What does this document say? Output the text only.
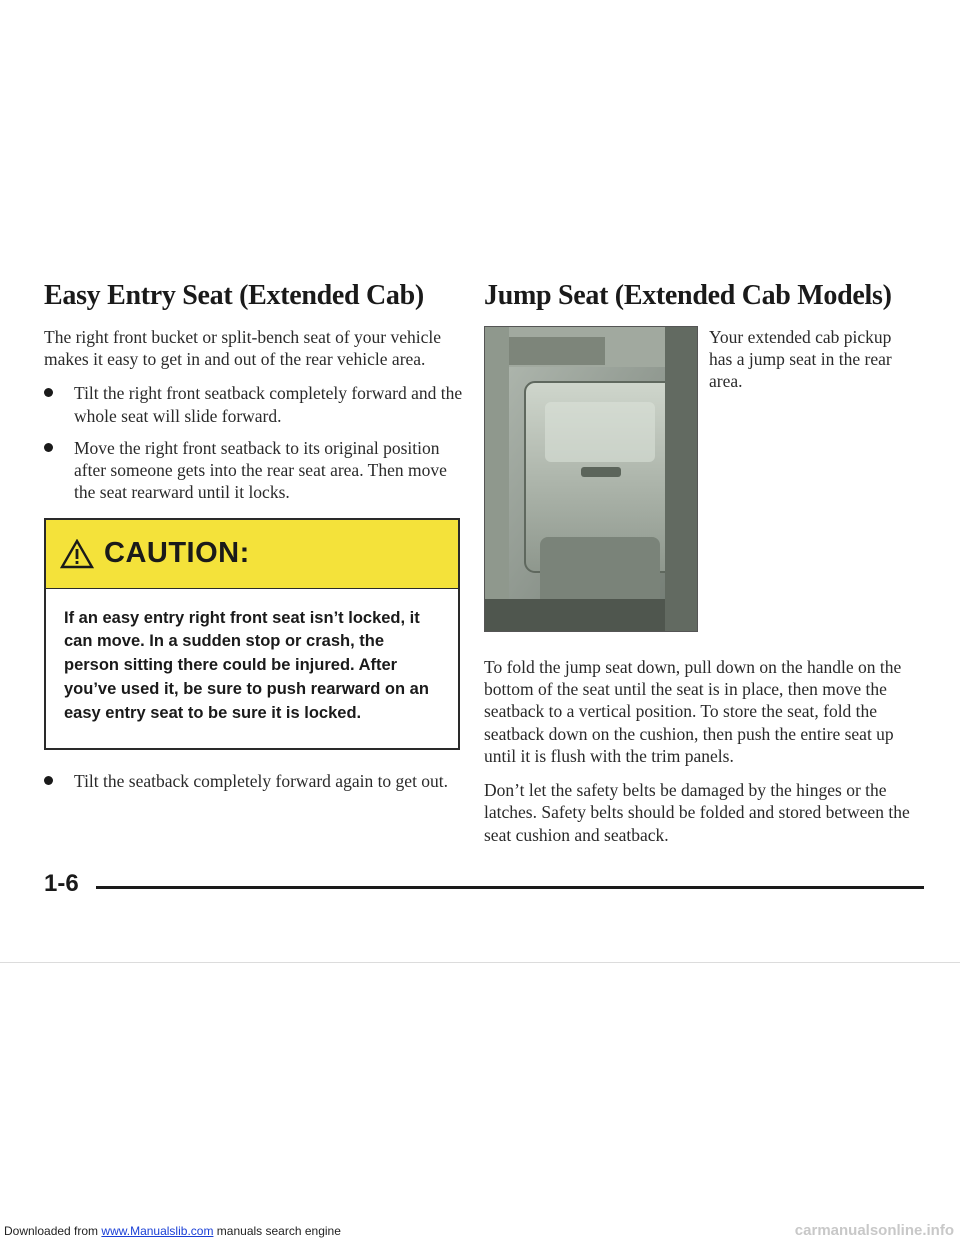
Easy Entry Seat (Extended Cab)

The right front bucket or split-bench seat of your vehicle makes it easy to get in and out of the rear vehicle area.

Tilt the right front seatback completely forward and the whole seat will slide forward.
Move the right front seatback to its original position after someone gets into the rear seat area. Then move the seat rearward until it locks.
CAUTION:
If an easy entry right front seat isn’t locked, it can move. In a sudden stop or crash, the person sitting there could be injured. After you’ve used it, be sure to push rearward on an easy entry seat to be sure it is locked.
Tilt the seatback completely forward again to get out.
Jump Seat (Extended Cab Models)
Your extended cab pickup has a jump seat in the rear area.

To fold the jump seat down, pull down on the handle on the bottom of the seat until the seat is in place, then move the seatback to a vertical position. To store the seat, fold the seatback down on the cushion, then push the entire seat up until it is flush with the trim panels.

Don’t let the safety belts be damaged by the hinges or the latches. Safety belts should be folded and stored between the seat cushion and seatback.

1-6
Downloaded from www.Manualslib.com manuals search engine	carmanualsonline.info
